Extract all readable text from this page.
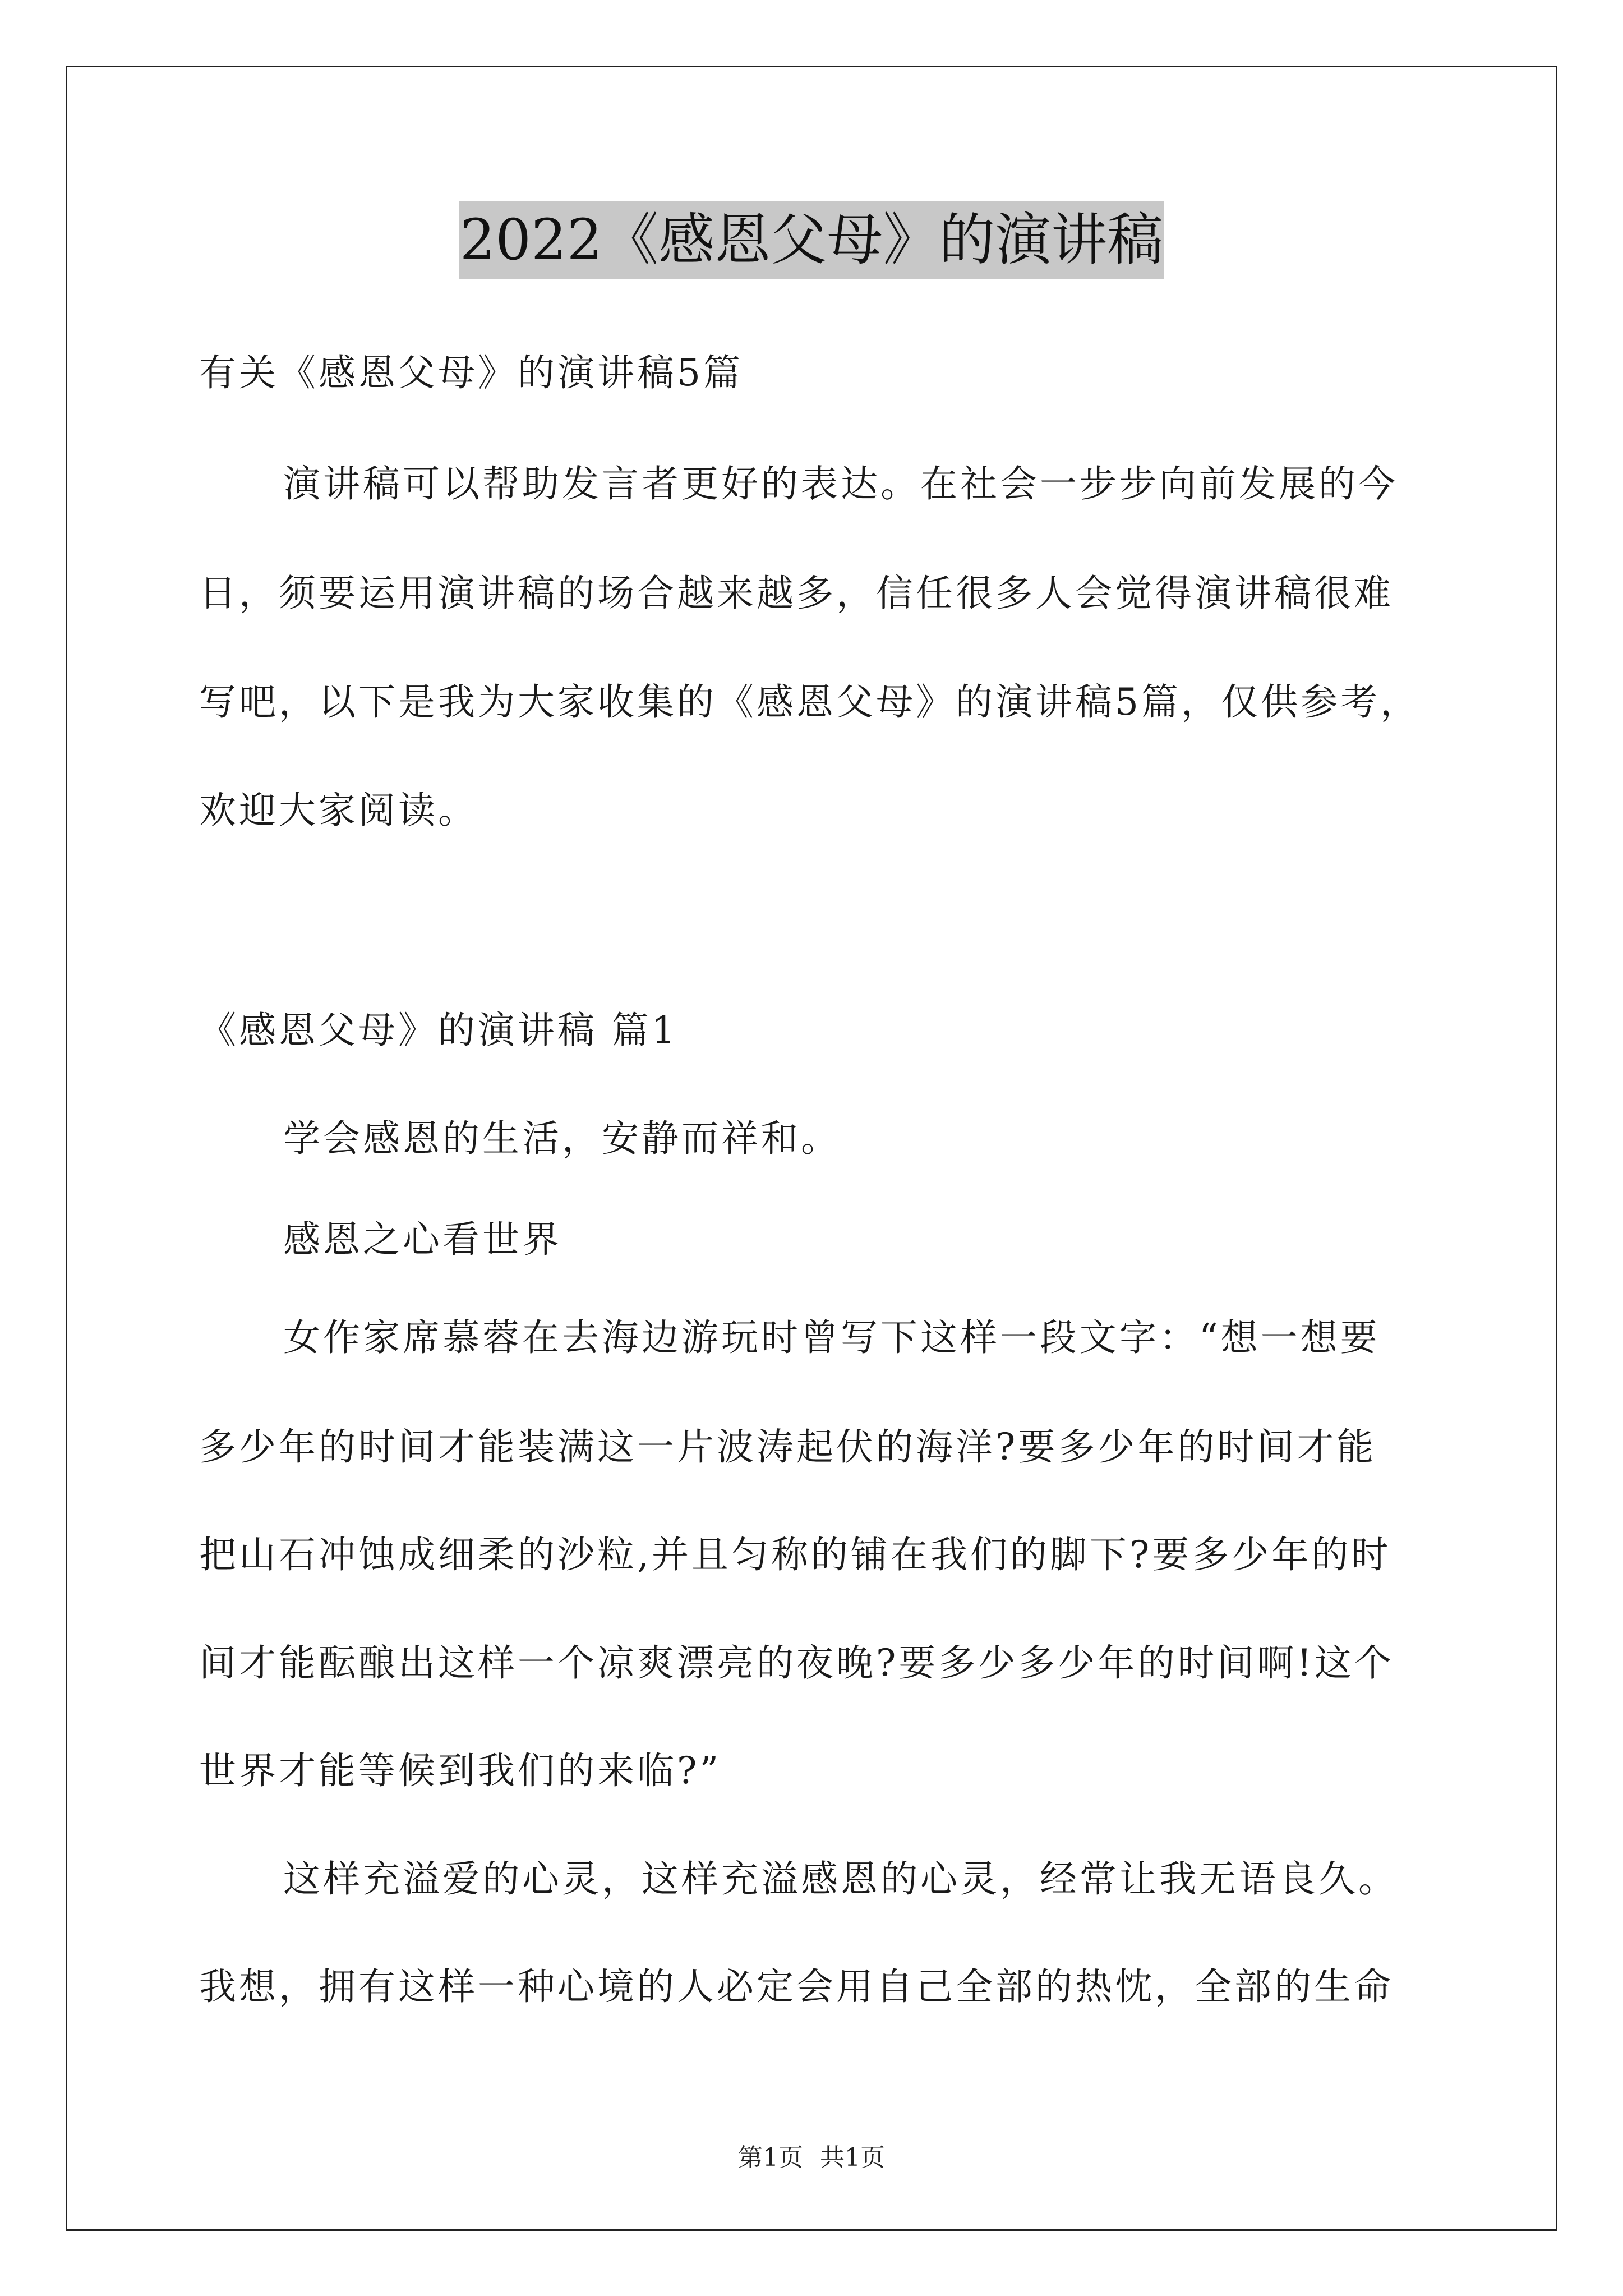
2022《感恩父母》的演讲稿
有关《感恩父母》的演讲稿5篇
演讲稿可以帮助发言者更好的表达。在社会一步步向前发展的今
日，须要运用演讲稿的场合越来越多，信任很多人会觉得演讲稿很难
写吧，以下是我为大家收集的《感恩父母》的演讲稿5篇，仅供参考，
欢迎大家阅读。
《感恩父母》的演讲稿 篇1
学会感恩的生活，安静而祥和。
感恩之心看世界
女作家席慕蓉在去海边游玩时曾写下这样一段文字：“想一想要
多少年的时间才能装满这一片波涛起伏的海洋?要多少年的时间才能
把山石冲蚀成细柔的沙粒,并且匀称的铺在我们的脚下?要多少年的时
间才能酝酿出这样一个凉爽漂亮的夜晚?要多少多少年的时间啊!这个
世界才能等候到我们的来临?”
这样充溢爱的心灵，这样充溢感恩的心灵，经常让我无语良久。
我想，拥有这样一种心境的人必定会用自己全部的热忱，全部的生命
第1页 共1页
